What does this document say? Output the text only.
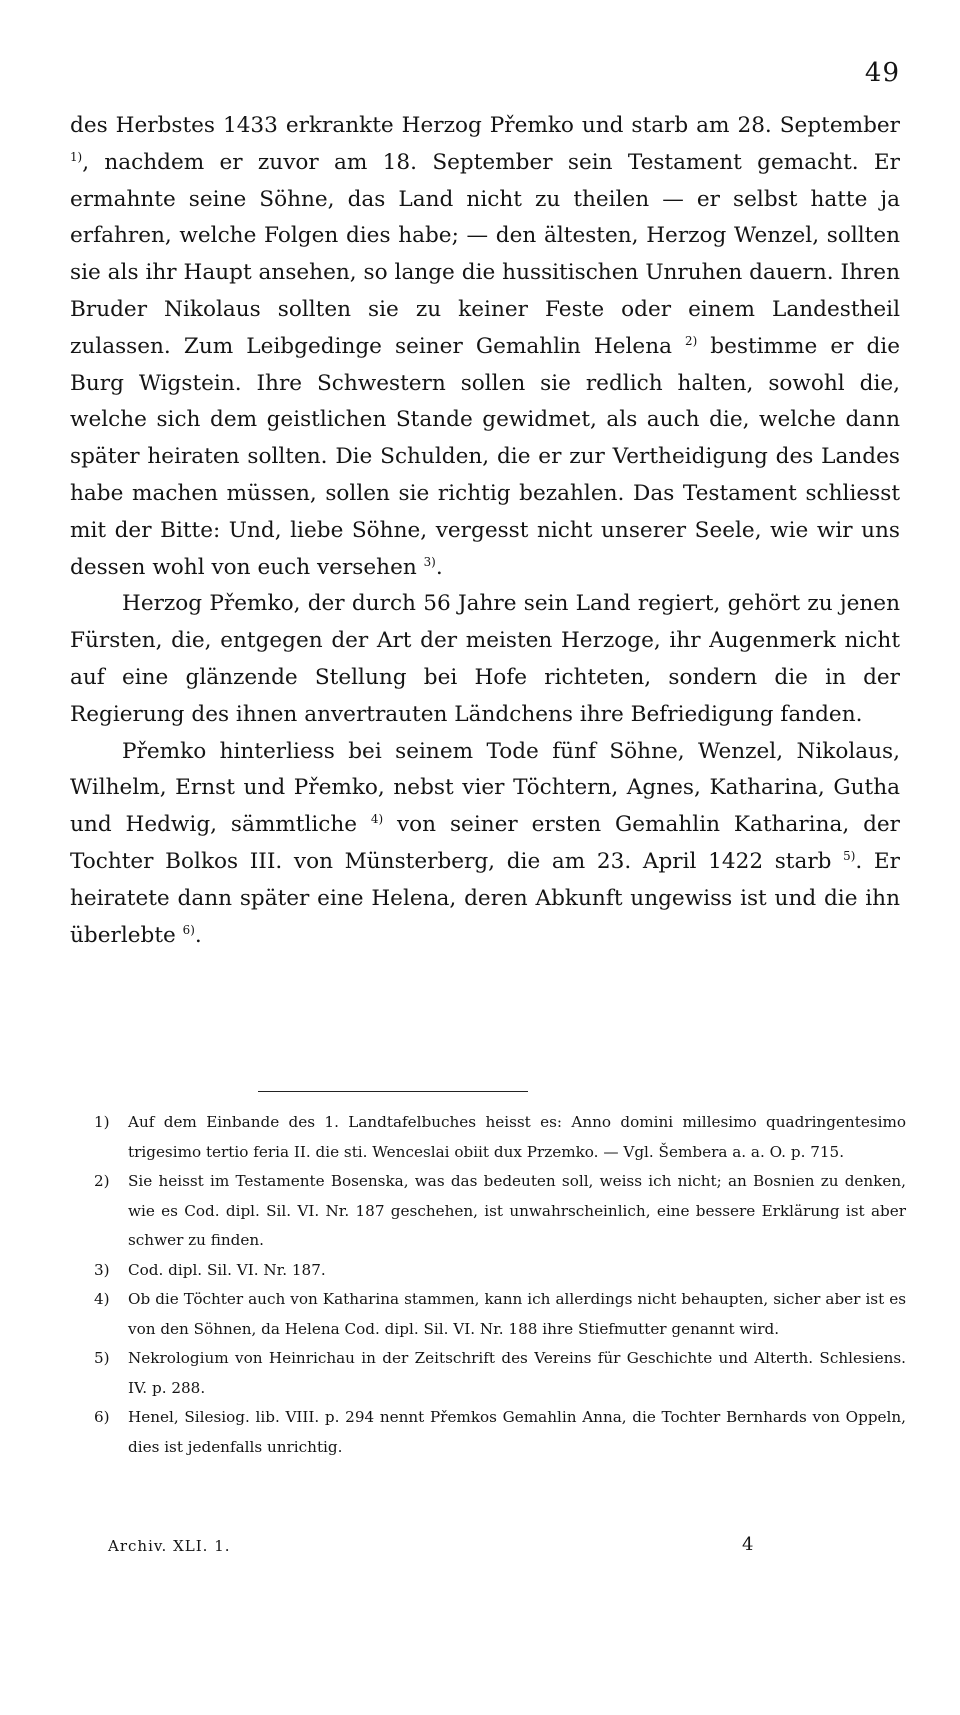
49

des Herbstes 1433 erkrankte Herzog Přemko und starb am 28. September $^{1)}$, nachdem er zuvor am 18. September sein Testament gemacht. Er ermahnte seine Söhne, das Land nicht zu theilen — er selbst hatte ja erfahren, welche Folgen dies habe; — den ältesten, Herzog Wenzel, sollten sie als ihr Haupt ansehen, so lange die hussitischen Unruhen dauern. Ihren Bruder Nikolaus sollten sie zu keiner Feste oder einem Landestheil zulassen. Zum Leibgedinge seiner Gemahlin Helena $^{2)}$ bestimme er die Burg Wigstein. Ihre Schwestern sollen sie redlich halten, sowohl die, welche sich dem geistlichen Stande gewidmet, als auch die, welche dann später heiraten sollten. Die Schulden, die er zur Vertheidigung des Landes habe machen müssen, sollen sie richtig bezahlen. Das Testament schliesst mit der Bitte: Und, liebe Söhne, vergesst nicht unserer Seele, wie wir uns dessen wohl von euch versehen $^{3)}$.

Herzog Přemko, der durch 56 Jahre sein Land regiert, gehört zu jenen Fürsten, die, entgegen der Art der meisten Herzoge, ihr Augenmerk nicht auf eine glänzende Stellung bei Hofe richteten, sondern die in der Regierung des ihnen anvertrauten Ländchens ihre Befriedigung fanden.

Přemko hinterliess bei seinem Tode fünf Söhne, Wenzel, Nikolaus, Wilhelm, Ernst und Přemko, nebst vier Töchtern, Agnes, Katharina, Gutha und Hedwig, sämmtliche $^{4)}$ von seiner ersten Gemahlin Katharina, der Tochter Bolkos III. von Münsterberg, die am 23. April 1422 starb $^{5)}$. Er heiratete dann später eine Helena, deren Abkunft ungewiss ist und die ihn überlebte $^{6)}$.

1) Auf dem Einbande des 1. Landtafelbuches heisst es: Anno domini millesimo quadringentesimo trigesimo tertio feria II. die sti. Wenceslai obiit dux Przemko. — Vgl. Šembera a. a. O. p. 715.
2) Sie heisst im Testamente Bosenska, was das bedeuten soll, weiss ich nicht; an Bosnien zu denken, wie es Cod. dipl. Sil. VI. Nr. 187 geschehen, ist unwahrscheinlich, eine bessere Erklärung ist aber schwer zu finden.
3) Cod. dipl. Sil. VI. Nr. 187.
4) Ob die Töchter auch von Katharina stammen, kann ich allerdings nicht behaupten, sicher aber ist es von den Söhnen, da Helena Cod. dipl. Sil. VI. Nr. 188 ihre Stiefmutter genannt wird.
5) Nekrologium von Heinrichau in der Zeitschrift des Vereins für Geschichte und Alterth. Schlesiens. IV. p. 288.
6) Henel, Silesiog. lib. VIII. p. 294 nennt Přemkos Gemahlin Anna, die Tochter Bernhards von Oppeln, dies ist jedenfalls unrichtig.
Archiv. XLI. 1.	4
